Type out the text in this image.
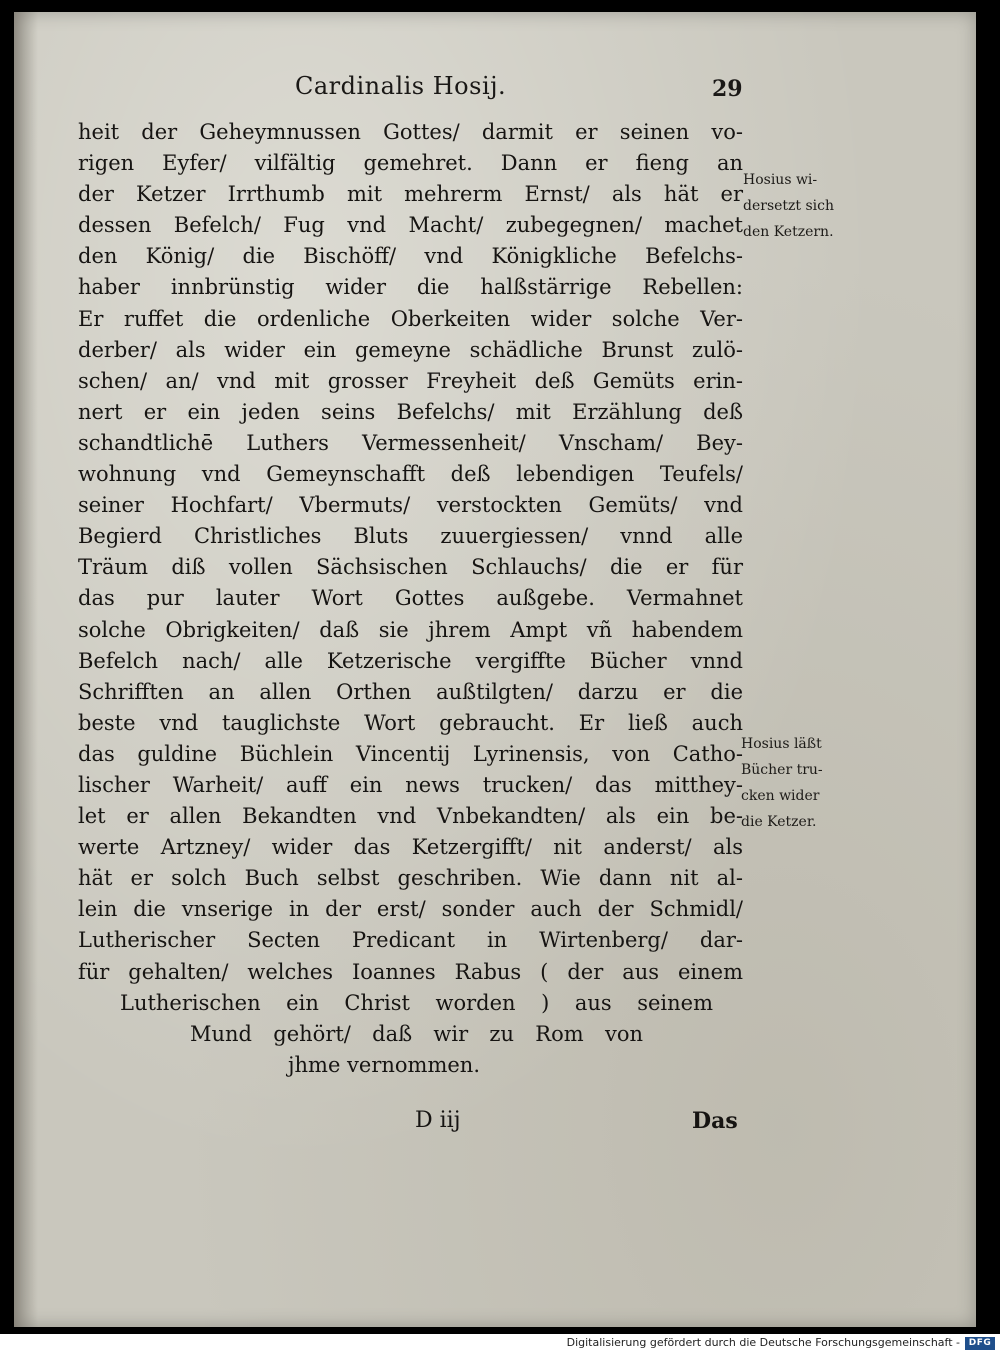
Cardinalis Hosij.	29
heit der Geheymnussen Gottes/ darmit er seinen vo-
rigen Eyfer/ vilfältig gemehret. Dann er fieng an
der Ketzer Irrthumb mit mehrerm Ernst/ als hät er
dessen Befelch/ Fug vnd Macht/ zubegegnen/ machet
den König/ die Bischöff/ vnd Königkliche Befelchs-
haber innbrünstig wider die halßstärrige Rebellen:
Er ruffet die ordenliche Oberkeiten wider solche Ver-
derber/ als wider ein gemeyne schädliche Brunst zulö-
schen/ an/ vnd mit grosser Freyheit deß Gemüts erin-
nert er ein jeden seins Befelchs/ mit Erzählung deß
schandtlichē Luthers Vermessenheit/ Vnscham/ Bey-
wohnung vnd Gemeynschafft deß lebendigen Teufels/
seiner Hochfart/ Vbermuts/ verstockten Gemüts/ vnd
Begierd Christliches Bluts zuuergiessen/ vnnd alle
Träum diß vollen Sächsischen Schlauchs/ die er für
das pur lauter Wort Gottes außgebe. Vermahnet
solche Obrigkeiten/ daß sie jhrem Ampt vñ habendem
Befelch nach/ alle Ketzerische vergiffte Bücher vnnd
Schrifften an allen Orthen außtilgten/ darzu er die
beste vnd tauglichste Wort gebraucht. Er ließ auch
das guldine Büchlein Vincentij Lyrinensis, von Catho-
lischer Warheit/ auff ein news trucken/ das mitthey-
let er allen Bekandten vnd Vnbekandten/ als ein be-
werte Artzney/ wider das Ketzergifft/ nit anderst/ als
hät er solch Buch selbst geschriben. Wie dann nit al-
lein die vnserige in der erst/ sonder auch der Schmidl/
Lutherischer Secten Predicant in Wirtenberg/ dar-
für gehalten/ welches Ioannes Rabus ( der aus einem
Lutherischen ein Christ worden ) aus seinem
Mund gehört/ daß wir zu Rom von
jhme vernommen.
D iij	Das
Hosius wi-
dersetzt sich
den Ketzern.
Hosius läßt
Bücher tru-
cken wider
die Ketzer.
Digitalisierung gefördert durch die Deutsche Forschungsgemeinschaft - DFG
